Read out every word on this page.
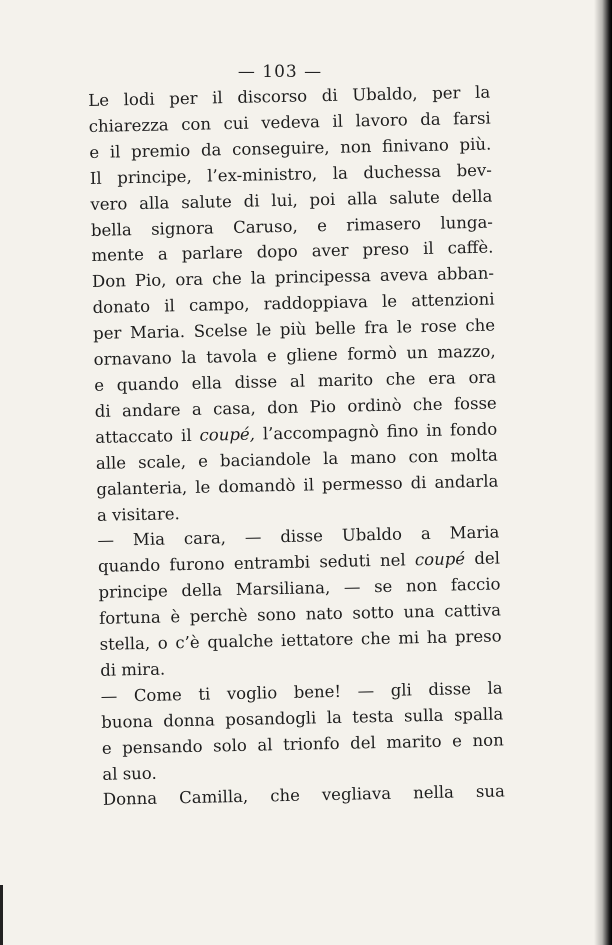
— 103 —
Le lodi per il discorso di Ubaldo, per la
chiarezza con cui vedeva il lavoro da farsi
e il premio da conseguire, non finivano più.
Il principe, l’ex-ministro, la duchessa bev-
vero alla salute di lui, poi alla salute della
bella signora Caruso, e rimasero lunga-
mente a parlare dopo aver preso il caffè.
Don Pio, ora che la principessa aveva abban-
donato il campo, raddoppiava le attenzioni
per Maria. Scelse le più belle fra le rose che
ornavano la tavola e gliene formò un mazzo,
e quando ella disse al marito che era ora
di andare a casa, don Pio ordinò che fosse
attaccato il coupé, l’accompagnò fino in fondo
alle scale, e baciandole la mano con molta
galanteria, le domandò il permesso di andarla
a visitare.
— Mia cara, — disse Ubaldo a Maria
quando furono entrambi seduti nel coupé del
principe della Marsiliana, — se non faccio
fortuna è perchè sono nato sotto una cattiva
stella, o c’è qualche iettatore che mi ha preso
di mira.
— Come ti voglio bene! — gli disse la
buona donna posandogli la testa sulla spalla
e pensando solo al trionfo del marito e non
al suo.
Donna Camilla, che vegliava nella sua
